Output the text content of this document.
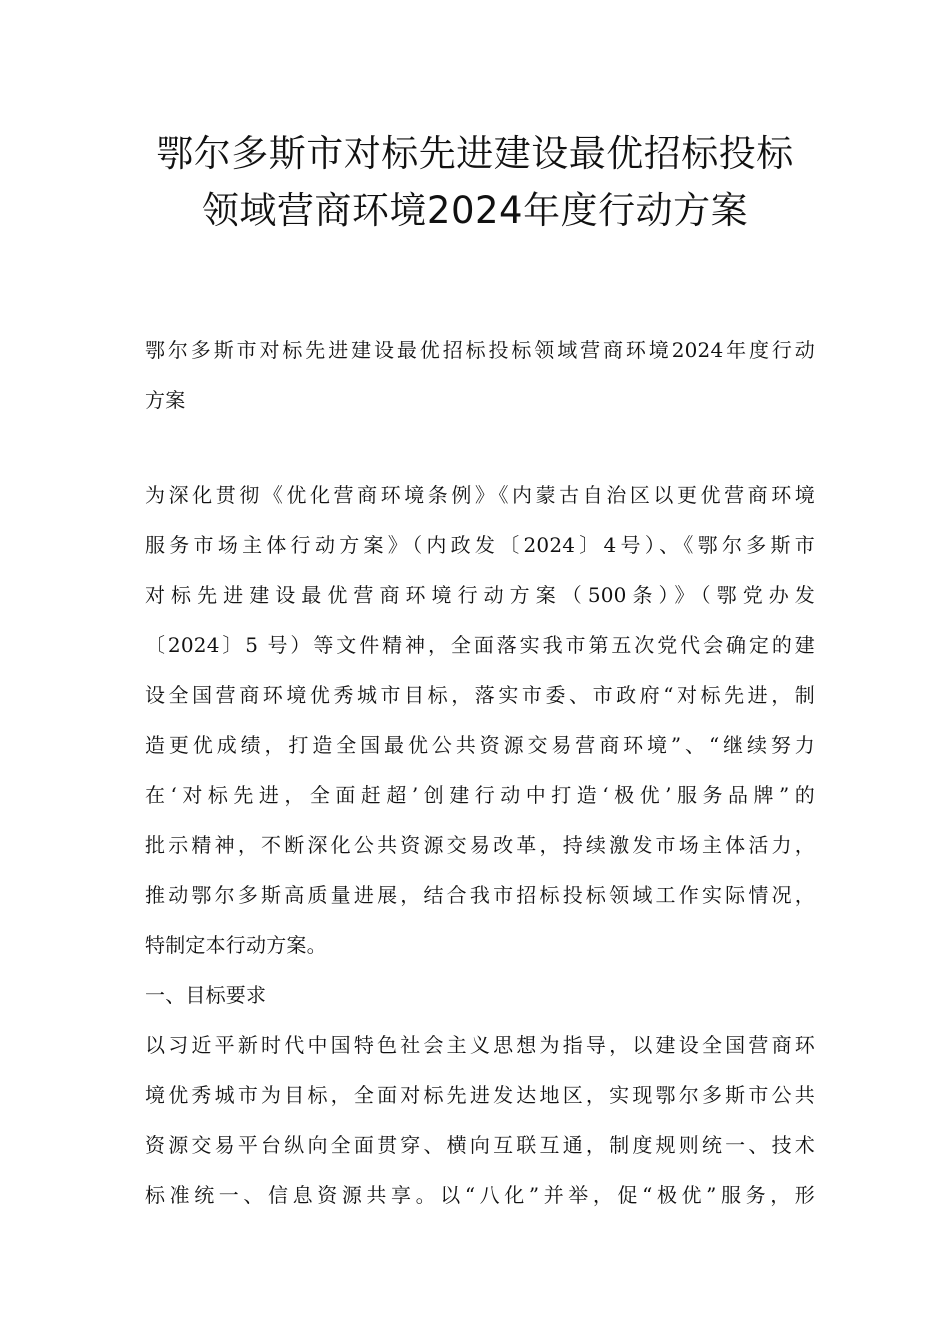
鄂尔多斯市对标先进建设最优招标投标
领域营商环境2024年度行动方案
鄂尔多斯市对标先进建设最优招标投标领域营商环境2024年度行动
方案
为深化贯彻《优化营商环境条例》《内蒙古自治区以更优营商环境
服务市场主体行动方案》（内政发〔2024〕4号）、《鄂尔多斯市
对标先进建设最优营商环境行动方案（500条）》（鄂党办发
〔2024〕5 号）等文件精神，全面落实我市第五次党代会确定的建
设全国营商环境优秀城市目标，落实市委、市政府“对标先进，制
造更优成绩，打造全国最优公共资源交易营商环境”、“继续努力
在‘对标先进，全面赶超’创建行动中打造‘极优’服务品牌”的
批示精神，不断深化公共资源交易改革，持续激发市场主体活力，
推动鄂尔多斯高质量进展，结合我市招标投标领域工作实际情况，
特制定本行动方案。
一、目标要求
以习近平新时代中国特色社会主义思想为指导，以建设全国营商环
境优秀城市为目标，全面对标先进发达地区，实现鄂尔多斯市公共
资源交易平台纵向全面贯穿、横向互联互通，制度规则统一、技术
标准统一、信息资源共享。以“八化”并举，促“极优”服务，形
